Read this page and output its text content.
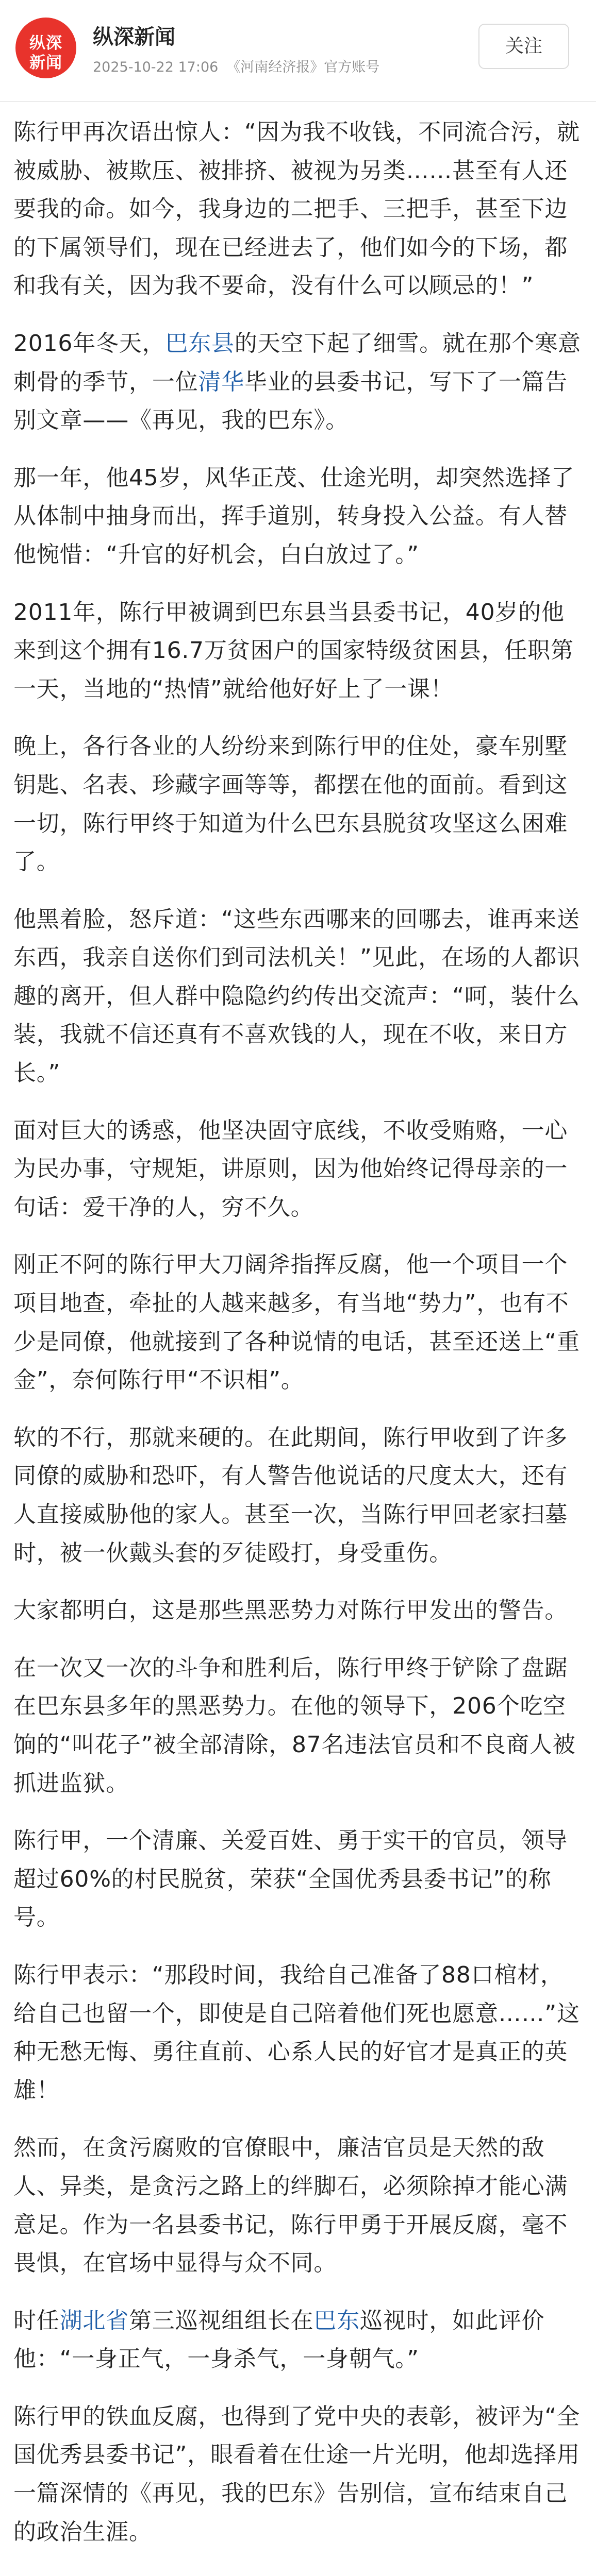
纵深
新闻
纵深新闻
2025-10-22 17:06 《河南经济报》官方账号
关注

陈行甲再次语出惊人：“因为我不收钱，不同流合污，就被威胁、被欺压、被排挤、被视为另类……甚至有人还要我的命。如今，我身边的二把手、三把手，甚至下边的下属领导们，现在已经进去了，他们如今的下场，都和我有关，因为我不要命，没有什么可以顾忌的！”

2016年冬天，巴东县的天空下起了细雪。就在那个寒意刺骨的季节，一位清华毕业的县委书记，写下了一篇告别文章——《再见，我的巴东》。

那一年，他45岁，风华正茂、仕途光明，却突然选择了从体制中抽身而出，挥手道别，转身投入公益。有人替他惋惜：“升官的好机会，白白放过了。”

2011年，陈行甲被调到巴东县当县委书记，40岁的他来到这个拥有16.7万贫困户的国家特级贫困县，任职第一天，当地的“热情”就给他好好上了一课！

晚上，各行各业的人纷纷来到陈行甲的住处，豪车别墅钥匙、名表、珍藏字画等等，都摆在他的面前。看到这一切，陈行甲终于知道为什么巴东县脱贫攻坚这么困难了。

他黑着脸，怒斥道：“这些东西哪来的回哪去，谁再来送东西，我亲自送你们到司法机关！”见此，在场的人都识趣的离开，但人群中隐隐约约传出交流声：“呵，装什么装，我就不信还真有不喜欢钱的人，现在不收，来日方长。”

面对巨大的诱惑，他坚决固守底线，不收受贿赂，一心为民办事，守规矩，讲原则，因为他始终记得母亲的一句话：爱干净的人，穷不久。

刚正不阿的陈行甲大刀阔斧指挥反腐，他一个项目一个项目地查，牵扯的人越来越多，有当地“势力”，也有不少是同僚，他就接到了各种说情的电话，甚至还送上“重金”，奈何陈行甲“不识相”。

软的不行，那就来硬的。在此期间，陈行甲收到了许多同僚的威胁和恐吓，有人警告他说话的尺度太大，还有人直接威胁他的家人。甚至一次，当陈行甲回老家扫墓时，被一伙戴头套的歹徒殴打，身受重伤。

大家都明白，这是那些黑恶势力对陈行甲发出的警告。

在一次又一次的斗争和胜利后，陈行甲终于铲除了盘踞在巴东县多年的黑恶势力。在他的领导下，206个吃空饷的“叫花子”被全部清除，87名违法官员和不良商人被抓进监狱。

陈行甲，一个清廉、关爱百姓、勇于实干的官员，领导超过60%的村民脱贫，荣获“全国优秀县委书记”的称号。

陈行甲表示：“那段时间，我给自己准备了88口棺材，给自己也留一个，即使是自己陪着他们死也愿意……”这种无愁无悔、勇往直前、心系人民的好官才是真正的英雄！

然而，在贪污腐败的官僚眼中，廉洁官员是天然的敌人、异类，是贪污之路上的绊脚石，必须除掉才能心满意足。作为一名县委书记，陈行甲勇于开展反腐，毫不畏惧，在官场中显得与众不同。

时任湖北省第三巡视组组长在巴东巡视时，如此评价他：“一身正气，一身杀气，一身朝气。”

陈行甲的铁血反腐，也得到了党中央的表彰，被评为“全国优秀县委书记”，眼看着在仕途一片光明，他却选择用一篇深情的《再见，我的巴东》告别信，宣布结束自己的政治生涯。
